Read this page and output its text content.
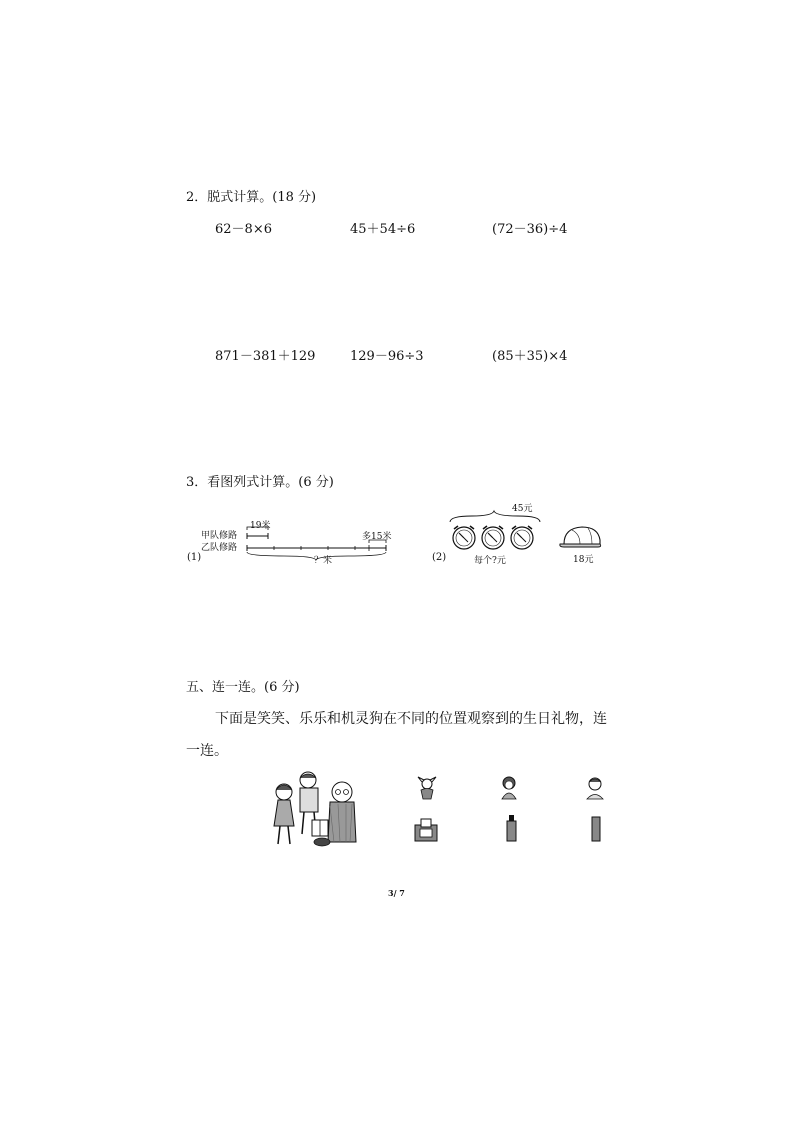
2．脱式计算。(18 分)
62－8×6	45＋54÷6	(72－36)÷4
871－381＋129	129－96÷3	(85＋35)×4
3．看图列式计算。(6 分)
(1)
甲队修路
乙队修路
19米
多15米
？米	(2)
45元
每个?元	18元
五、连一连。(6 分)
下面是笑笑、乐乐和机灵狗在不同的位置观察到的生日礼物，连
一连。
3/ 7
